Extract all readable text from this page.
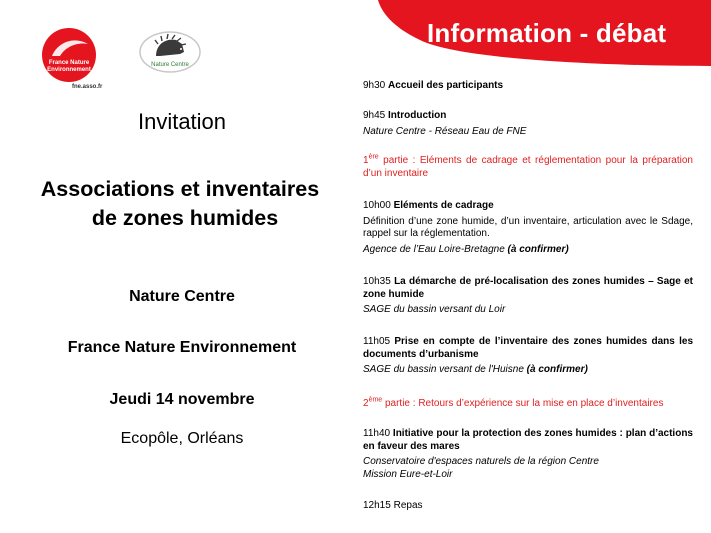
France Nature
Environnement
fne.asso.fr
Nature Centre
Information - débat
Invitation
Associations et inventaires
de zones humides
Nature Centre
France Nature Environnement
Jeudi 14 novembre
Ecopôle, Orléans
9h30 Accueil des participants
9h45 Introduction
Nature Centre - Réseau Eau de FNE
1ère partie : Eléments de cadrage et réglementation pour la préparation d’un inventaire
10h00 Eléments de cadrage
Définition d’une zone humide, d’un inventaire, articulation avec le Sdage, rappel sur la réglementation.
Agence de l’Eau Loire-Bretagne (à confirmer)
10h35 La démarche de pré-localisation des zones humides – Sage et zone humide
SAGE du bassin versant du Loir
11h05 Prise en compte de l’inventaire des zones humides dans les documents d’urbanisme
SAGE du bassin versant de l'Huisne (à confirmer)
2ème partie : Retours d’expérience sur la mise en place d’inventaires
11h40 Initiative pour la protection des zones humides : plan d’actions en faveur des mares
Conservatoire d'espaces naturels de la région Centre
Mission Eure-et-Loir
12h15 Repas
